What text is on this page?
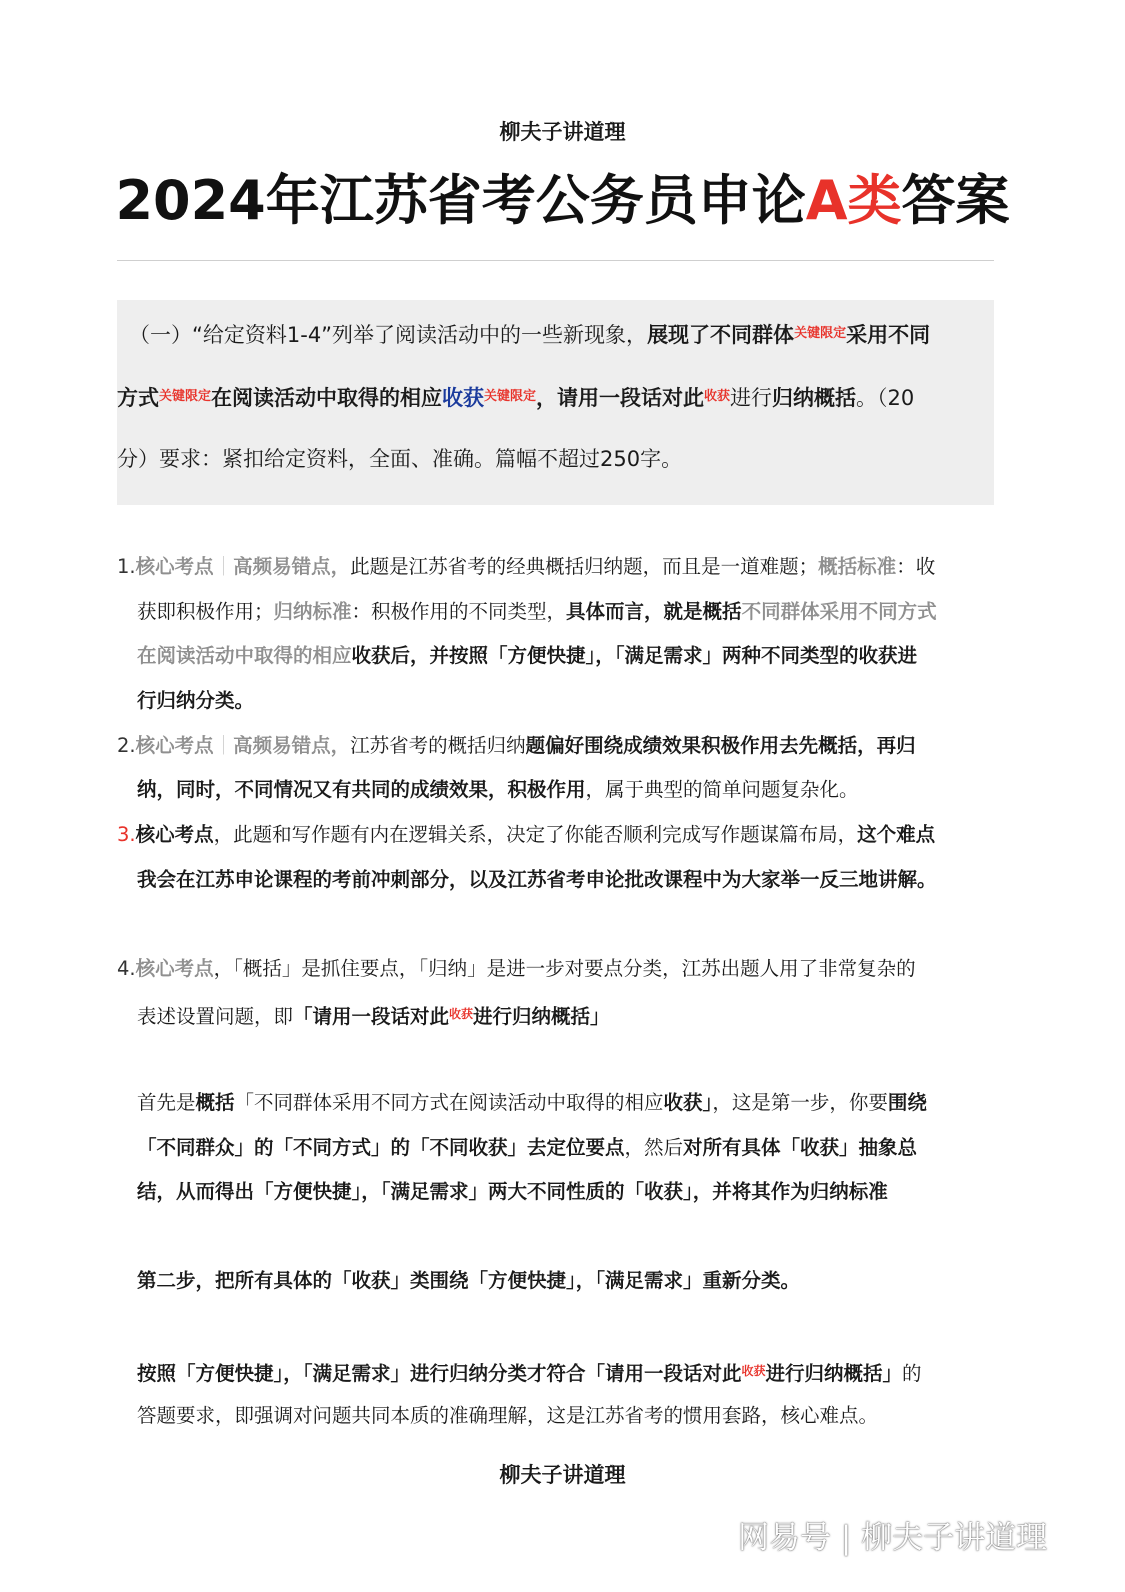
柳夫子讲道理
2024年江苏省考公务员申论A类答案

（一）“给定资料1-4”列举了阅读活动中的一些新现象，展现了不同群体$^{关键限定}$采用不同

方式$^{关键限定}$在阅读活动中取得的相应收获$^{关键限定}$，请用一段话对此$^{收获}$进行归纳概括。（20

分）要求：紧扣给定资料，全面、准确。篇幅不超过250字。

1.核心考点｜高频易错点，此题是江苏省考的经典概括归纳题，而且是一道难题；概括标准：收
获即积极作用；归纳标准：积极作用的不同类型，具体而言，就是概括不同群体采用不同方式
在阅读活动中取得的相应收获后，并按照「方便快捷」，「满足需求」两种不同类型的收获进
行归纳分类。
2.核心考点｜高频易错点，江苏省考的概括归纳题偏好围绕成绩效果积极作用去先概括，再归
纳，同时，不同情况又有共同的成绩效果，积极作用，属于典型的简单问题复杂化。
3.核心考点，此题和写作题有内在逻辑关系，决定了你能否顺利完成写作题谋篇布局，这个难点
我会在江苏申论课程的考前冲刺部分，以及江苏省考申论批改课程中为大家举一反三地讲解。
4.核心考点，「概括」是抓住要点，「归纳」是进一步对要点分类，江苏出题人用了非常复杂的
表述设置问题，即「请用一段话对此$^{收获}$进行归纳概括」
首先是概括「不同群体采用不同方式在阅读活动中取得的相应收获」，这是第一步，你要围绕
「不同群众」的「不同方式」的「不同收获」去定位要点，然后对所有具体「收获」抽象总
结，从而得出「方便快捷」，「满足需求」两大不同性质的「收获」，并将其作为归纳标准
第二步，把所有具体的「收获」类围绕「方便快捷」，「满足需求」重新分类。
按照「方便快捷」，「满足需求」进行归纳分类才符合「请用一段话对此$^{收获}$进行归纳概括」的
答题要求，即强调对问题共同本质的准确理解，这是江苏省考的惯用套路，核心难点。
柳夫子讲道理
网易号 | 柳夫子讲道理
